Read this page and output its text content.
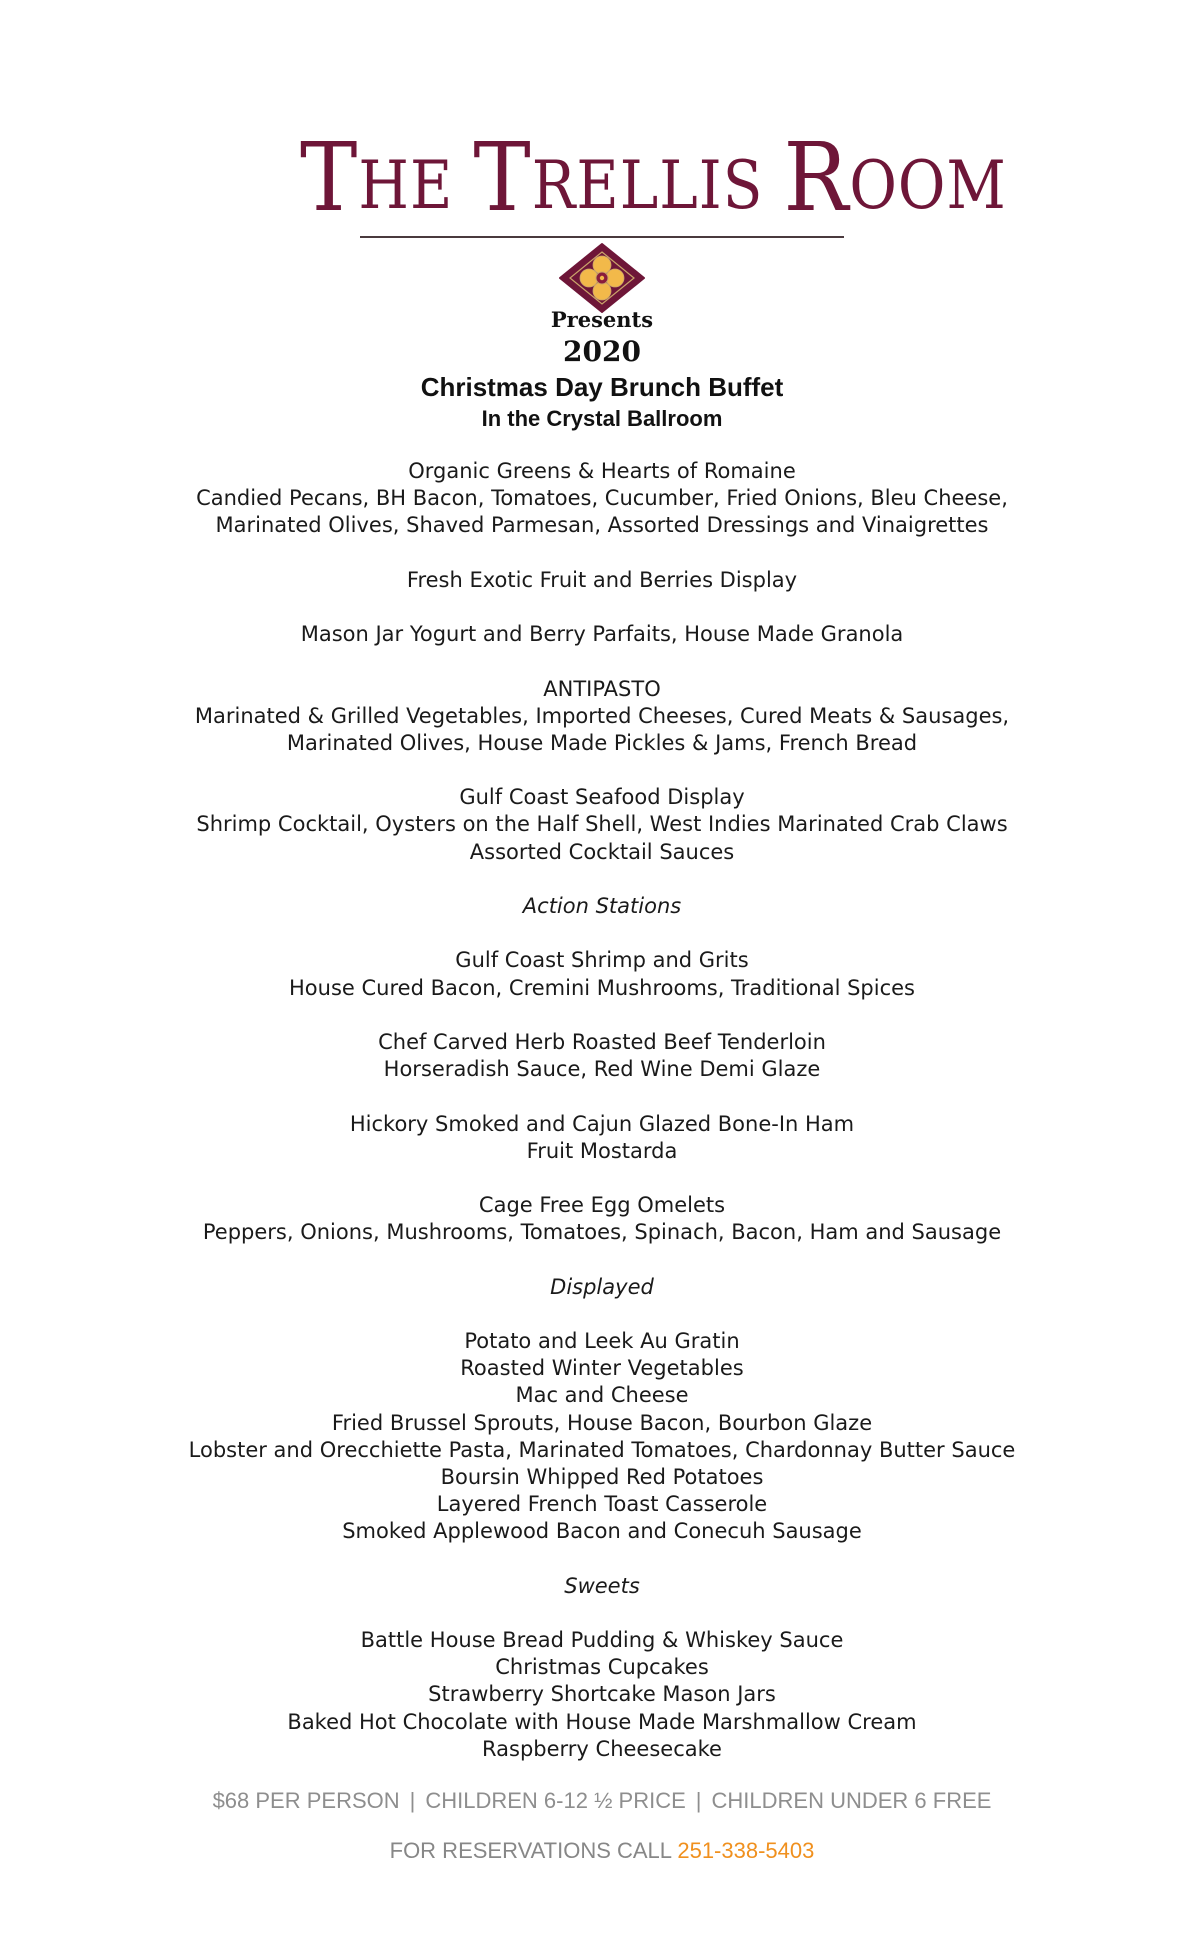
THE TRELLIS ROOM
Presents
2020
Christmas Day Brunch Buffet
In the Crystal Ballroom
Organic Greens & Hearts of Romaine
Candied Pecans, BH Bacon, Tomatoes, Cucumber, Fried Onions, Bleu Cheese,
Marinated Olives, Shaved Parmesan, Assorted Dressings and Vinaigrettes
Fresh Exotic Fruit and Berries Display
Mason Jar Yogurt and Berry Parfaits, House Made Granola
ANTIPASTO
Marinated & Grilled Vegetables, Imported Cheeses, Cured Meats & Sausages,
Marinated Olives, House Made Pickles & Jams, French Bread
Gulf Coast Seafood Display
Shrimp Cocktail, Oysters on the Half Shell, West Indies Marinated Crab Claws
Assorted Cocktail Sauces
Action Stations
Gulf Coast Shrimp and Grits
House Cured Bacon, Cremini Mushrooms, Traditional Spices
Chef Carved Herb Roasted Beef Tenderloin
Horseradish Sauce, Red Wine Demi Glaze
Hickory Smoked and Cajun Glazed Bone-In Ham
Fruit Mostarda
Cage Free Egg Omelets
Peppers, Onions, Mushrooms, Tomatoes, Spinach, Bacon, Ham and Sausage
Displayed
Potato and Leek Au Gratin
Roasted Winter Vegetables
Mac and Cheese
Fried Brussel Sprouts, House Bacon, Bourbon Glaze
Lobster and Orecchiette Pasta, Marinated Tomatoes, Chardonnay Butter Sauce
Boursin Whipped Red Potatoes
Layered French Toast Casserole
Smoked Applewood Bacon and Conecuh Sausage
Sweets
Battle House Bread Pudding & Whiskey Sauce
Christmas Cupcakes
Strawberry Shortcake Mason Jars
Baked Hot Chocolate with House Made Marshmallow Cream
Raspberry Cheesecake
$68 PER PERSON | CHILDREN 6-12 ½ PRICE | CHILDREN UNDER 6 FREE
FOR RESERVATIONS CALL 251-338-5403
